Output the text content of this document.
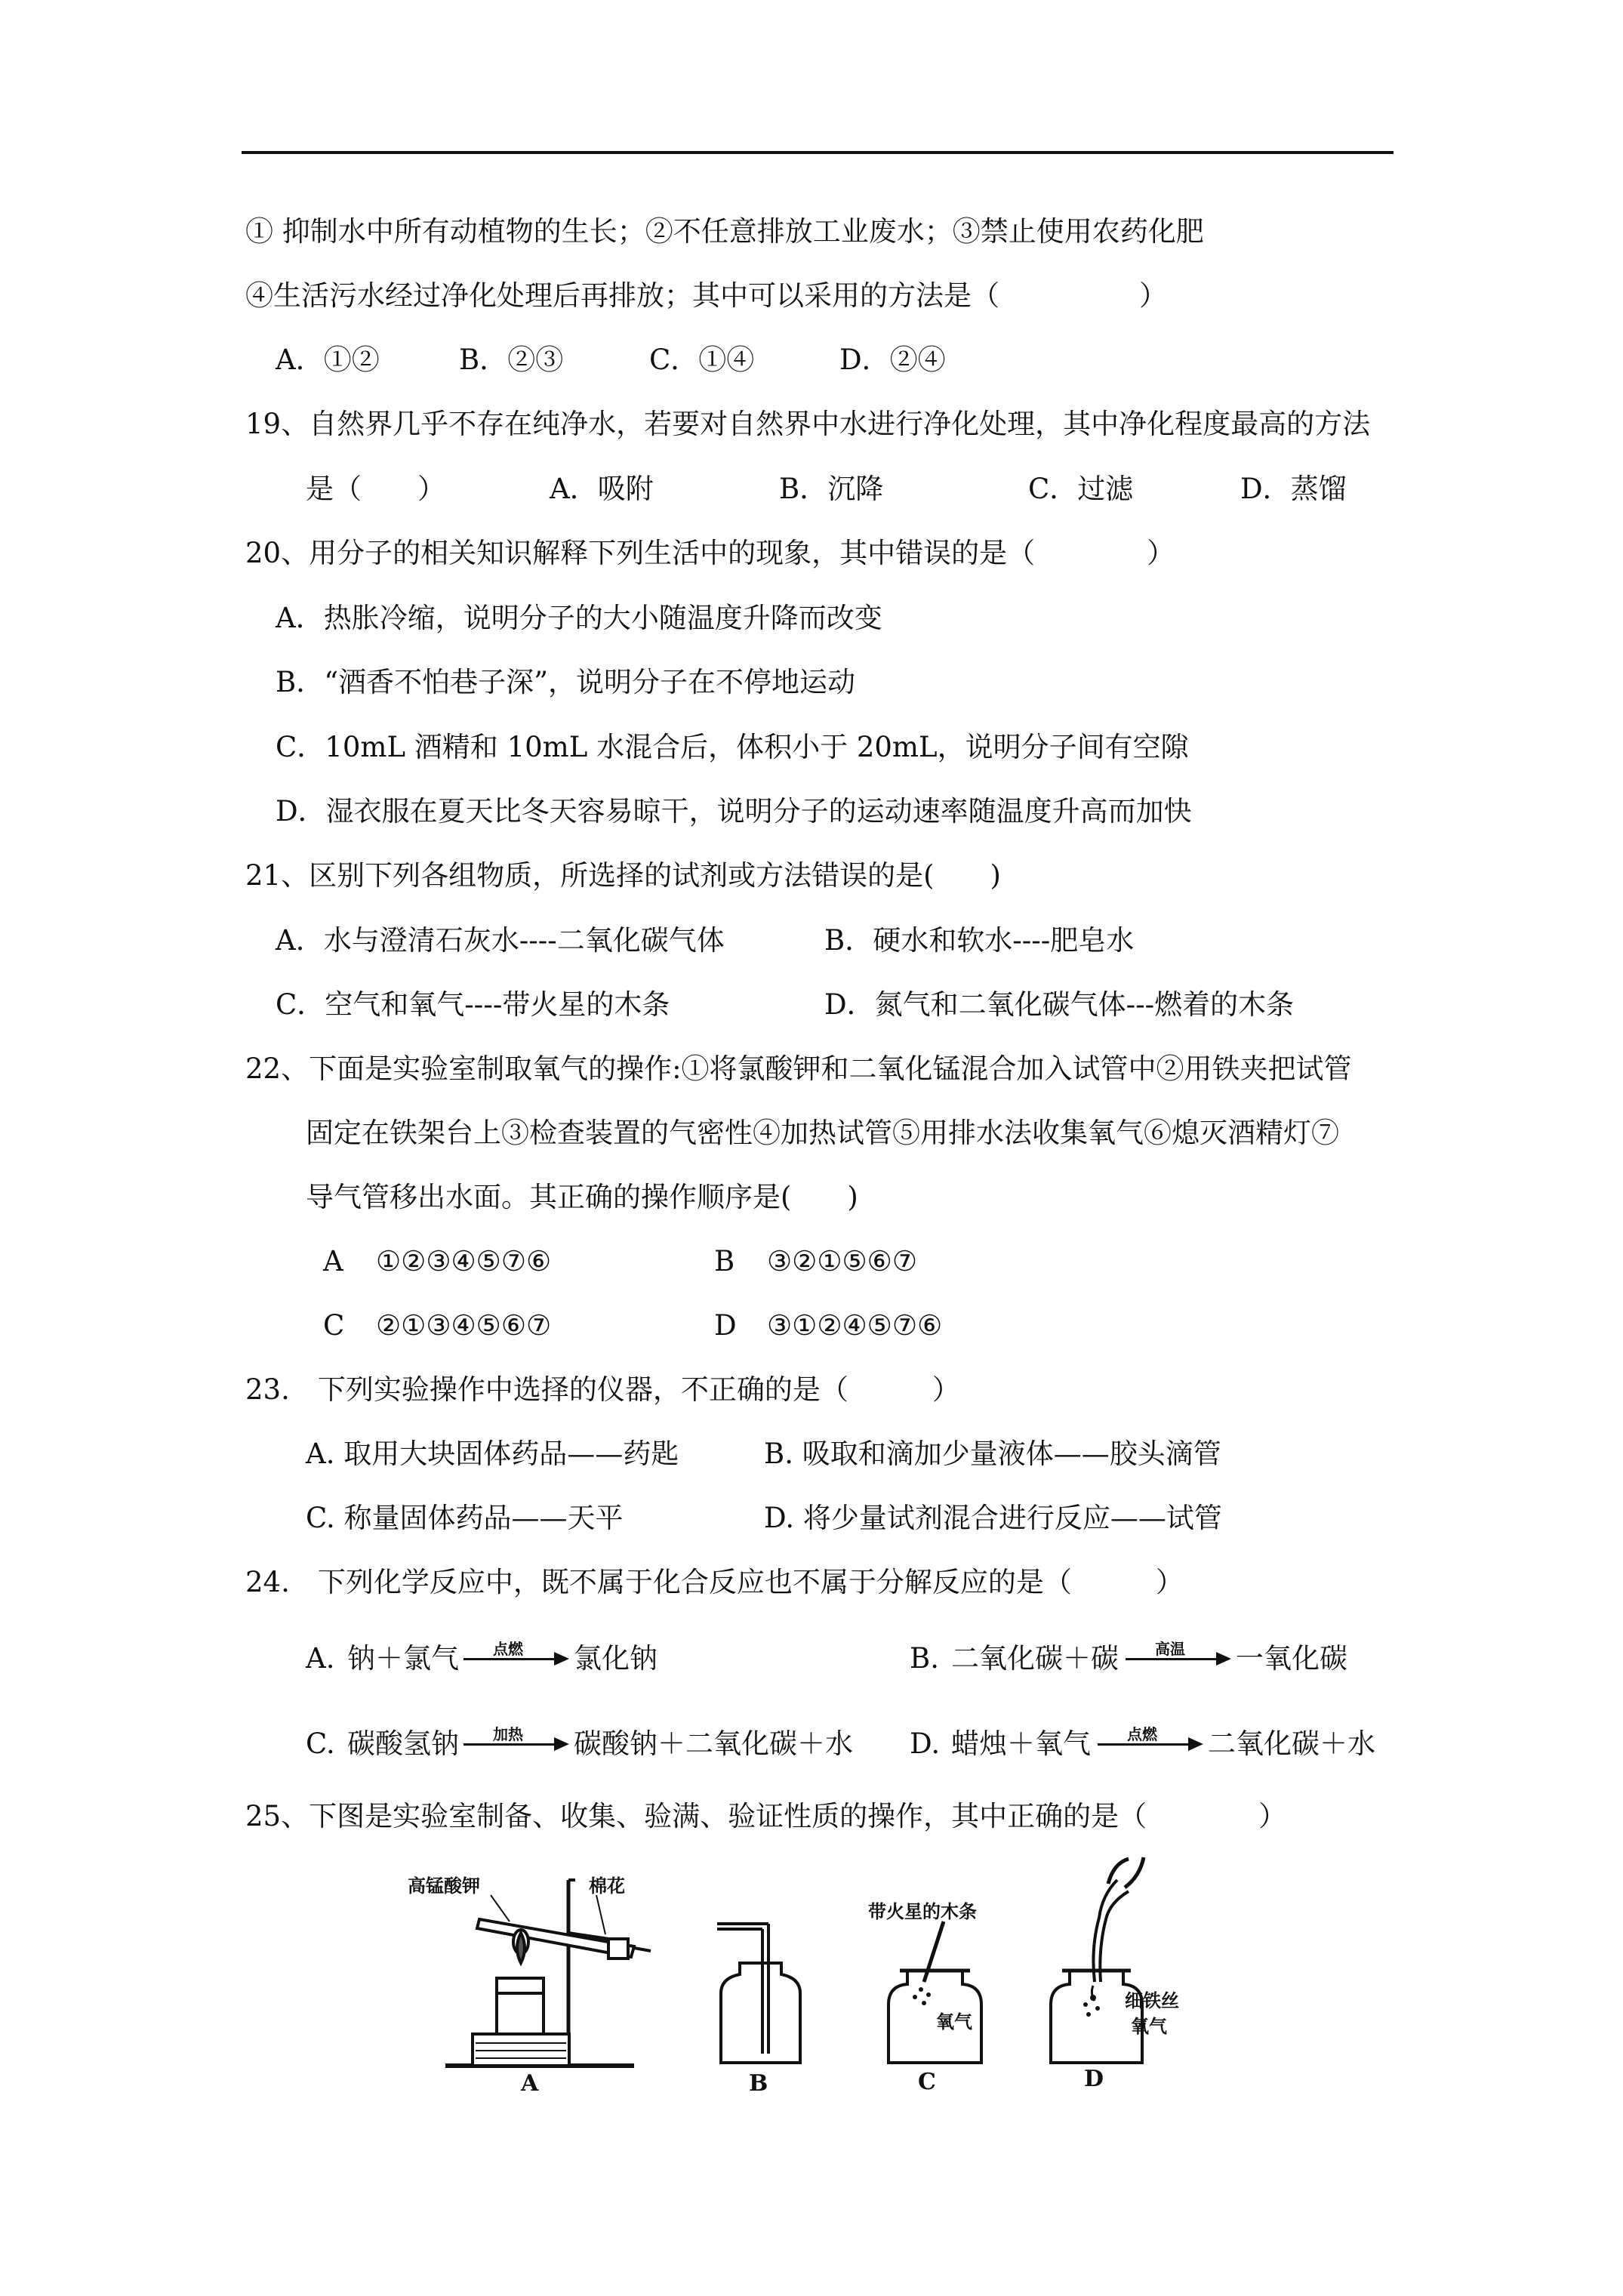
① 抑制水中所有动植物的生长；②不任意排放工业废水；③禁止使用农药化肥
④生活污水经过净化处理后再排放；其中可以采用的方法是（　　　　　）
A．①②	B．②③	C．①④	D．②④
19、自然界几乎不存在纯净水，若要对自然界中水进行净化处理，其中净化程度最高的方法
是（　　）	A．吸附	B．沉降	C．过滤	D．蒸馏
20、用分子的相关知识解释下列生活中的现象，其中错误的是（　　　　）
A．热胀冷缩，说明分子的大小随温度升降而改变
B．“酒香不怕巷子深”，说明分子在不停地运动
C．10mL 酒精和 10mL 水混合后，体积小于 20mL，说明分子间有空隙
D．湿衣服在夏天比冬天容易晾干，说明分子的运动速率随温度升高而加快
21、区别下列各组物质，所选择的试剂或方法错误的是(　　)
A．水与澄清石灰水----二氧化碳气体	B．硬水和软水----肥皂水
C．空气和氧气----带火星的木条	D．氮气和二氧化碳气体---燃着的木条
22、下面是实验室制取氧气的操作:①将氯酸钾和二氧化锰混合加入试管中②用铁夹把试管
固定在铁架台上③检查装置的气密性④加热试管⑤用排水法收集氧气⑥熄灭酒精灯⑦
导气管移出水面。其正确的操作顺序是(　　)
A ①②③④⑤⑦⑥	B ③②①⑤⑥⑦
C ②①③④⑤⑥⑦	D ③①②④⑤⑦⑥
23.　下列实验操作中选择的仪器，不正确的是（　　　）
A. 取用大块固体药品——药匙	B. 吸取和滴加少量液体——胶头滴管
C. 称量固体药品——天平	D. 将少量试剂混合进行反应——试管
24.　下列化学反应中，既不属于化合反应也不属于分解反应的是（　　　）
A. 钠＋氯气	点燃	氯化钠	B. 二氧化碳＋碳	高温	一氧化碳
C. 碳酸氢钠	加热	碳酸钠＋二氧化碳＋水 D. 蜡烛＋氧气	点燃	二氧化碳＋水
25、下图是实验室制备、收集、验满、验证性质的操作，其中正确的是（　　　　）
高锰酸钾	棉花
带火星的木条
氧气
细铁丝
氧气
A	B	C	D
